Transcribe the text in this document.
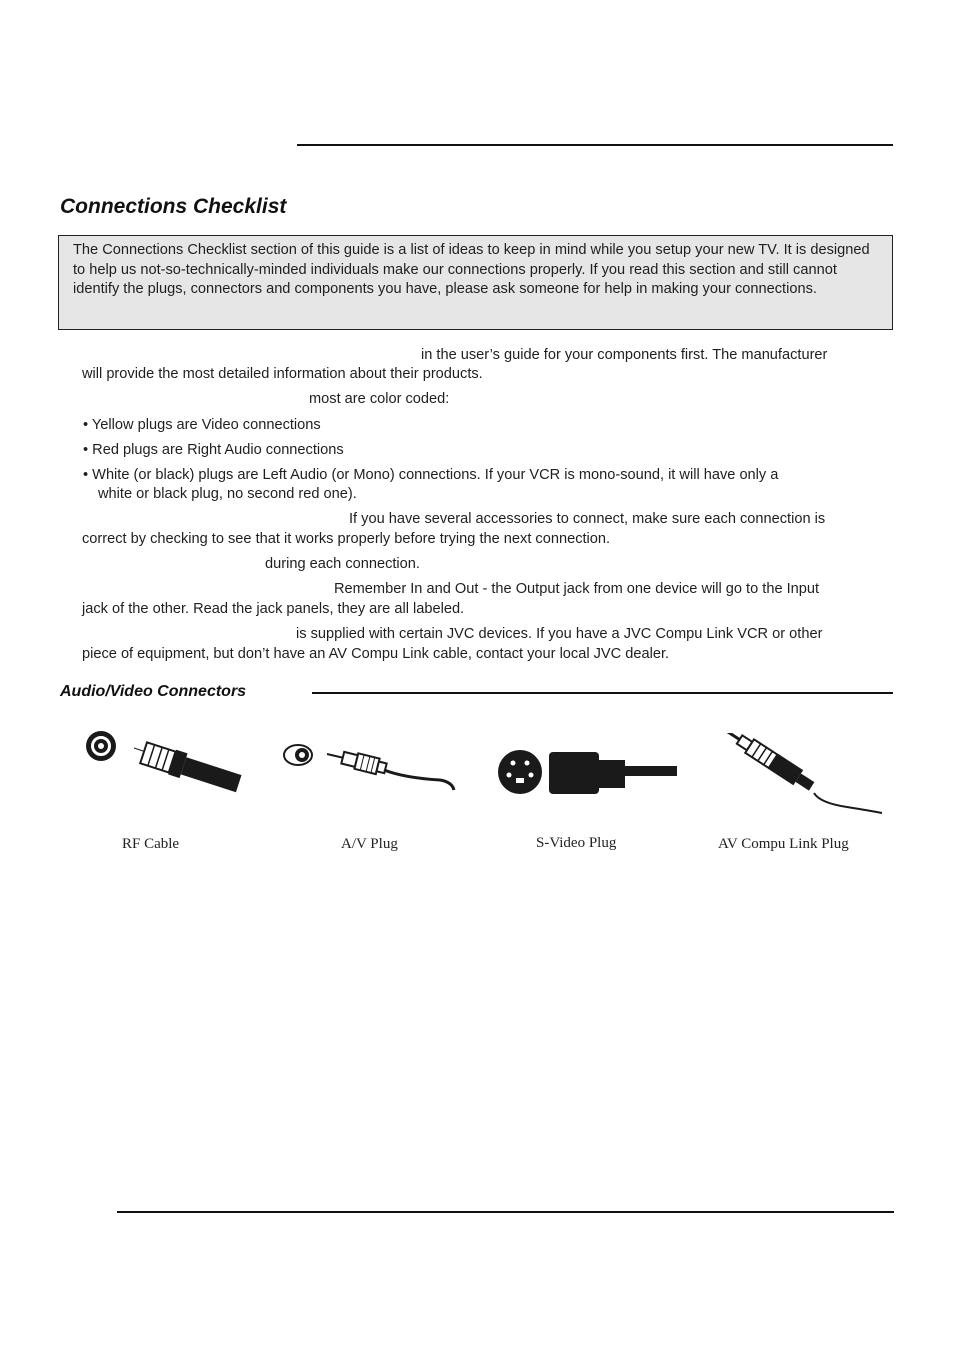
Connections Checklist
The Connections Checklist section of this guide is a list of ideas to keep in mind while you setup your new TV. It is designed to help us not-so-technically-minded individuals make our connections properly. If you read this section and still cannot identify the plugs, connectors and components you have, please ask someone for help in making your connections.
in the user’s guide for your components first. The manufacturer
will provide the most detailed information about their products.
most are color coded:
• Yellow plugs are Video connections
• Red plugs are Right Audio connections
• White (or black) plugs are Left Audio (or Mono) connections. If your VCR is mono-sound, it will have only a
white or black plug, no second red one).
If you have several accessories to connect, make sure each connection is
correct by checking to see that it works properly before trying the next connection.
during each connection.
Remember In and Out - the Output jack from one device will go to the Input
jack of the other. Read the jack panels, they are all labeled.
is supplied with certain JVC devices. If you have a JVC Compu Link VCR or other
piece of equipment, but don’t have an AV Compu Link cable, contact your local JVC dealer.
Audio/Video Connectors
RF Cable	A/V Plug	S-Video Plug	AV Compu Link Plug
